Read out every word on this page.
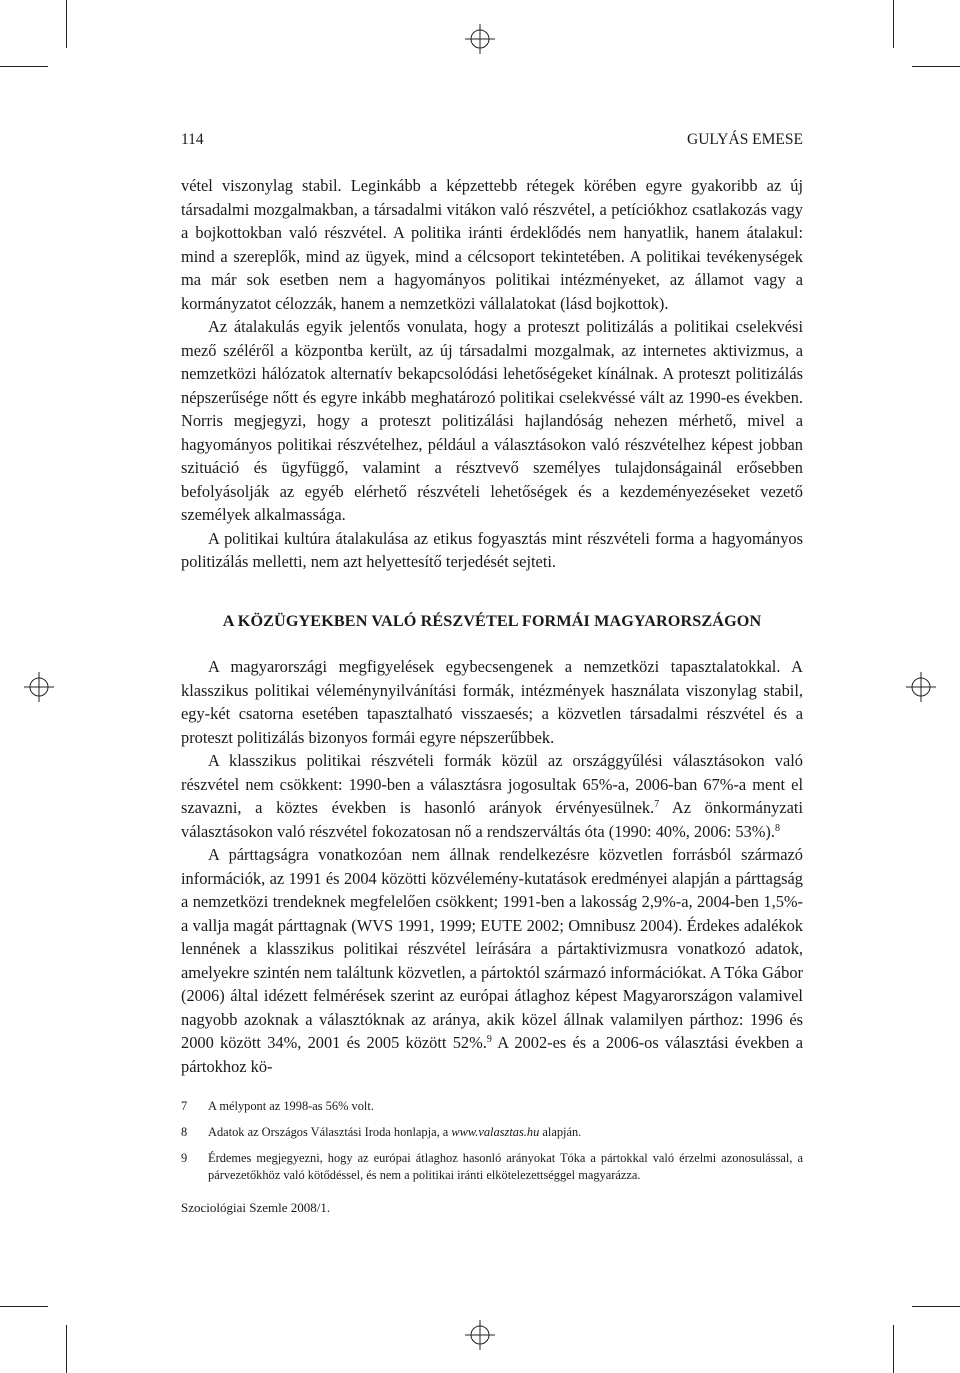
114	GULYÁS EMESE

vétel viszonylag stabil. Leginkább a képzettebb rétegek körében egyre gyakoribb az új társadalmi mozgalmakban, a társadalmi vitákon való részvétel, a petíciókhoz csatlakozás vagy a bojkottokban való részvétel. A politika iránti érdeklődés nem hanyatlik, hanem átalakul: mind a szereplők, mind az ügyek, mind a célcsoport tekintetében. A politikai tevékenységek ma már sok esetben nem a hagyományos politikai intézményeket, az államot vagy a kormányzatot célozzák, hanem a nemzetközi vállalatokat (lásd bojkottok).

Az átalakulás egyik jelentős vonulata, hogy a proteszt politizálás a politikai cselekvési mező széléről a központba került, az új társadalmi mozgalmak, az internetes aktivizmus, a nemzetközi hálózatok alternatív bekapcsolódási lehetőségeket kínálnak. A proteszt politizálás népszerűsége nőtt és egyre inkább meghatározó politikai cselekvéssé vált az 1990-es években. Norris megjegyzi, hogy a proteszt politizálási hajlandóság nehezen mérhető, mivel a hagyományos politikai részvételhez, például a választásokon való részvételhez képest jobban szituáció és ügyfüggő, valamint a résztvevő személyes tulajdonságainál erősebben befolyásolják az egyéb elérhető részvételi lehetőségek és a kezdeményezéseket vezető személyek alkalmassága.

A politikai kultúra átalakulása az etikus fogyasztás mint részvételi forma a hagyományos politizálás melletti, nem azt helyettesítő terjedését sejteti.

A KÖZÜGYEKBEN VALÓ RÉSZVÉTEL FORMÁI MAGYARORSZÁGON

A magyarországi megfigyelések egybecsengenek a nemzetközi tapasztalatokkal. A klasszikus politikai véleménynyilvánítási formák, intézmények használata viszonylag stabil, egy-két csatorna esetében tapasztalható visszaesés; a közvetlen társadalmi részvétel és a proteszt politizálás bizonyos formái egyre népszerűbbek.

A klasszikus politikai részvételi formák közül az országgyűlési választásokon való részvétel nem csökkent: 1990-ben a választásra jogosultak 65%-a, 2006-ban 67%-a ment el szavazni, a köztes években is hasonló arányok érvényesülnek.$^7$ Az önkormányzati választásokon való részvétel fokozatosan nő a rendszerváltás óta (1990: 40%, 2006: 53%).$^8$

A párttagságra vonatkozóan nem állnak rendelkezésre közvetlen forrásból származó információk, az 1991 és 2004 közötti közvélemény-kutatások eredményei alapján a párttagság a nemzetközi trendeknek megfelelően csökkent; 1991-ben a lakosság 2,9%-a, 2004-ben 1,5%-a vallja magát párttagnak (WVS 1991, 1999; EUTE 2002; Omnibusz 2004). Érdekes adalékok lennének a klasszikus politikai részvétel leírására a pártaktivizmusra vonatkozó adatok, amelyekre szintén nem találtunk közvetlen, a pártoktól származó információkat. A Tóka Gábor (2006) által idézett felmérések szerint az európai átlaghoz képest Magyarországon valamivel nagyobb azoknak a választóknak az aránya, akik közel állnak valamilyen párthoz: 1996 és 2000 között 34%, 2001 és 2005 között 52%.$^9$ A 2002-es és a 2006-os választási években a pártokhoz kö-

7 A mélypont az 1998-as 56% volt.
8 Adatok az Országos Választási Iroda honlapja, a www.valasztas.hu alapján.
9 Érdemes megjegyezni, hogy az európai átlaghoz hasonló arányokat Tóka a pártokkal való érzelmi azonosulással, a párvezetőkhöz való kötődéssel, és nem a politikai iránti elkötelezettséggel magyarázza.
Szociológiai Szemle 2008/1.
